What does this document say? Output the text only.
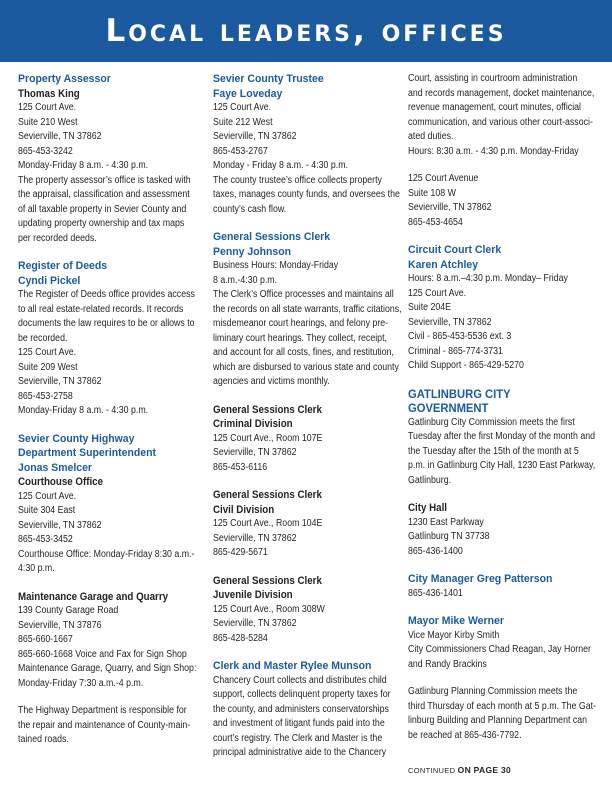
Local leaders, offices
Property Assessor
Thomas King
125 Court Ave.
Suite 210 West
Sevierville, TN 37862
865-453-3242
Monday-Friday 8 a.m. - 4:30 p.m.
The property assessor’s office is tasked with
the appraisal, classification and assessment
of all taxable property in Sevier County and
updating property ownership and tax maps
per recorded deeds.
Register of Deeds
Cyndi Pickel
The Register of Deeds office provides access
to all real estate-related records. It records
documents the law requires to be or allows to
be recorded.
125 Court Ave.
Suite 209 West
Sevierville, TN 37862
865-453-2758
Monday-Friday 8 a.m. - 4:30 p.m.
Sevier County Highway
Department Superintendent
Jonas Smelcer
Courthouse Office
125 Court Ave.
Suite 304 East
Sevierville, TN 37862
865-453-3452
Courthouse Office: Monday-Friday 8:30 a.m.-
4:30 p.m.
Maintenance Garage and Quarry
139 County Garage Road
Sevierville, TN 37876
865-660-1667
865-660-1668 Voice and Fax for Sign Shop
Maintenance Garage, Quarry, and Sign Shop:
Monday-Friday 7:30 a.m.-4 p.m.
The Highway Department is responsible for
the repair and maintenance of County-main-
tained roads.
Sevier County Trustee
Faye Loveday
125 Court Ave.
Suite 212 West
Sevierville, TN 37862
865-453-2767
Monday - Friday 8 a.m. - 4:30 p.m.
The county trustee’s office collects property
taxes, manages county funds, and oversees the
county’s cash flow.
General Sessions Clerk
Penny Johnson
Business Hours: Monday-Friday
8 a.m.-4:30 p.m.
The Clerk’s Office processes and maintains all
the records on all state warrants, traffic citations,
misdemeanor court hearings, and felony pre-
liminary court hearings. They collect, receipt,
and account for all costs, fines, and restitution,
which are disbursed to various state and county
agencies and victims monthly.
General Sessions Clerk
Criminal Division
125 Court Ave., Room 107E
Sevierville, TN 37862
865-453-6116
General Sessions Clerk
Civil Division
125 Court Ave., Room 104E
Sevierville, TN 37862
865-429-5671
General Sessions Clerk
Juvenile Division
125 Court Ave., Room 308W
Sevierville, TN 37862
865-428-5284
Clerk and Master Rylee Munson
Chancery Court collects and distributes child
support, collects delinquent property taxes for
the county, and administers conservatorships
and investment of litigant funds paid into the
court’s registry. The Clerk and Master is the
principal administrative aide to the Chancery
Court, assisting in courtroom administration
and records management, docket maintenance,
revenue management, court minutes, official
communication, and various other court-associ-
ated duties.
Hours: 8:30 a.m. - 4:30 p.m. Monday-Friday
125 Court Avenue
Suite 108 W
Sevierville, TN 37862
865-453-4654
Circuit Court Clerk
Karen Atchley
Hours: 8 a.m.–4:30 p.m. Monday– Friday
125 Court Ave.
Suite 204E
Sevierville, TN 37862
Civil - 865-453-5536 ext. 3
Criminal - 865-774-3731
Child Support - 865-429-5270
GATLINBURG CITY
GOVERNMENT
Gatlinburg City Commission meets the first
Tuesday after the first Monday of the month and
the Tuesday after the 15th of the month at 5
p.m. in Gatlinburg City Hall, 1230 East Parkway,
Gatlinburg.
City Hall
1230 East Parkway
Gatlinburg TN 37738
865-436-1400
City Manager Greg Patterson
865-436-1401
Mayor Mike Werner
Vice Mayor Kirby Smith
City Commissioners Chad Reagan, Jay Horner
and Randy Brackins
Gatlinburg Planning Commission meets the
third Thursday of each month at 5 p.m. The Gat-
linburg Building and Planning Department can
be reached at 865-436-7792.
CONTINUED ON PAGE 30
